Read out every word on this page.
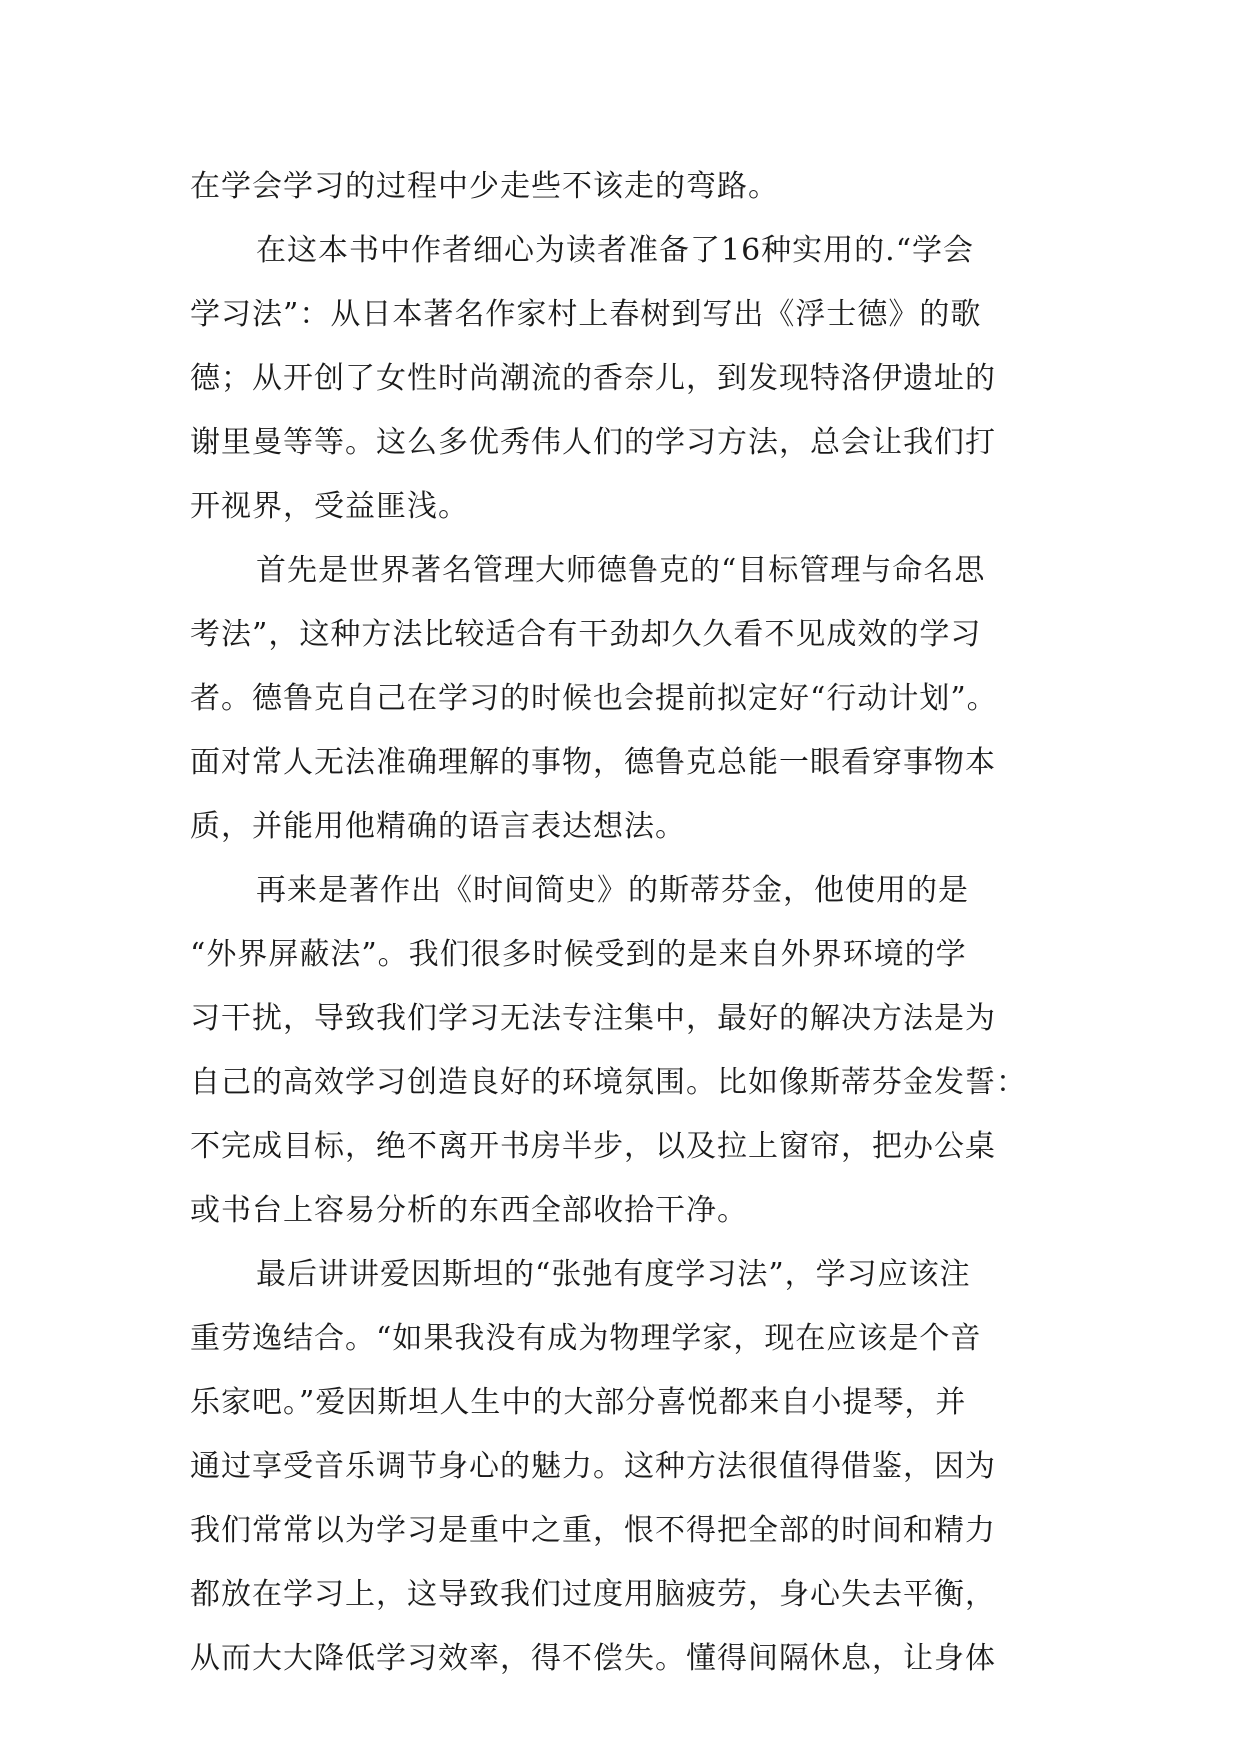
在学会学习的过程中少走些不该走的弯路。
在这本书中作者细心为读者准备了16种实用的.“学会
学习法”：从日本著名作家村上春树到写出《浮士德》的歌
德；从开创了女性时尚潮流的香奈儿，到发现特洛伊遗址的
谢里曼等等。这么多优秀伟人们的学习方法，总会让我们打
开视界，受益匪浅。
首先是世界著名管理大师德鲁克的“目标管理与命名思
考法”，这种方法比较适合有干劲却久久看不见成效的学习
者。德鲁克自己在学习的时候也会提前拟定好“行动计划”。
面对常人无法准确理解的事物，德鲁克总能一眼看穿事物本
质，并能用他精确的语言表达想法。
再来是著作出《时间简史》的斯蒂芬金，他使用的是
“外界屏蔽法”。我们很多时候受到的是来自外界环境的学
习干扰，导致我们学习无法专注集中，最好的解决方法是为
自己的高效学习创造良好的环境氛围。比如像斯蒂芬金发誓：
不完成目标，绝不离开书房半步，以及拉上窗帘，把办公桌
或书台上容易分析的东西全部收拾干净。
最后讲讲爱因斯坦的“张弛有度学习法”，学习应该注
重劳逸结合。“如果我没有成为物理学家，现在应该是个音
乐家吧。”爱因斯坦人生中的大部分喜悦都来自小提琴，并
通过享受音乐调节身心的魅力。这种方法很值得借鉴，因为
我们常常以为学习是重中之重，恨不得把全部的时间和精力
都放在学习上，这导致我们过度用脑疲劳，身心失去平衡，
从而大大降低学习效率，得不偿失。懂得间隔休息，让身体
